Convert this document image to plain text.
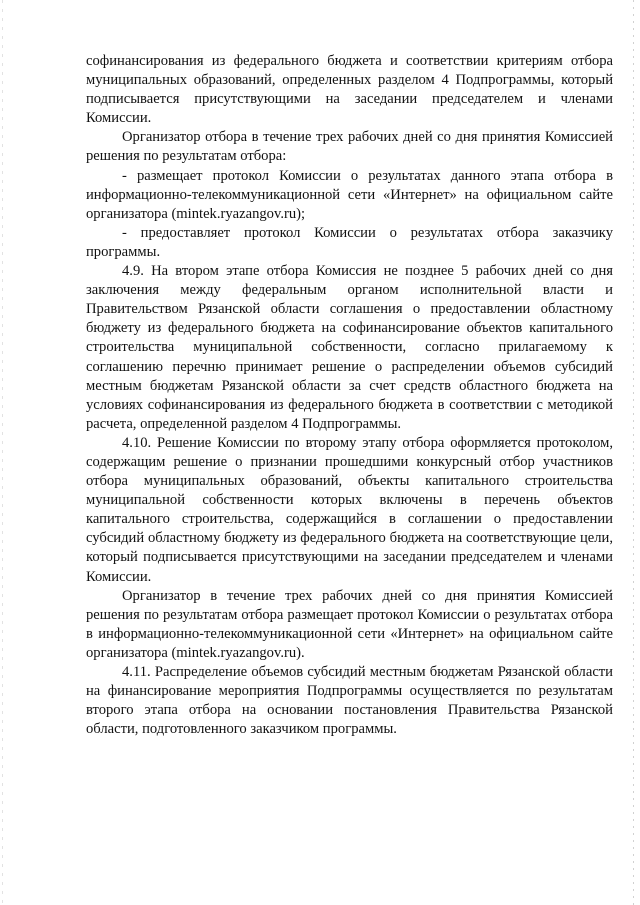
софинансирования из федерального бюджета и соответствии критериям отбора муниципальных образований, определенных разделом 4 Подпрограммы, который подписывается присутствующими на заседании председателем и членами Комиссии.

Организатор отбора в течение трех рабочих дней со дня принятия Комиссией решения по результатам отбора:

- размещает протокол Комиссии о результатах данного этапа отбора в информационно-телекоммуникационной сети «Интернет» на официальном сайте организатора (mintek.ryazangov.ru);

- предоставляет протокол Комиссии о результатах отбора заказчику программы.

4.9. На втором этапе отбора Комиссия не позднее 5 рабочих дней со дня заключения между федеральным органом исполнительной власти и Правительством Рязанской области соглашения о предоставлении областному бюджету из федерального бюджета на софинансирование объектов капитального строительства муниципальной собственности, согласно прилагаемому к соглашению перечню принимает решение о распределении объемов субсидий местным бюджетам Рязанской области за счет средств областного бюджета на условиях софинансирования из федерального бюджета в соответствии с методикой расчета, определенной разделом 4 Подпрограммы.

4.10. Решение Комиссии по второму этапу отбора оформляется протоколом, содержащим решение о признании прошедшими конкурсный отбор участников отбора муниципальных образований, объекты капитального строительства муниципальной собственности которых включены в перечень объектов капитального строительства, содержащийся в соглашении о предоставлении субсидий областному бюджету из федерального бюджета на соответствующие цели, который подписывается присутствующими на заседании председателем и членами Комиссии.

Организатор в течение трех рабочих дней со дня принятия Комиссией решения по результатам отбора размещает протокол Комиссии о результатах отбора в информационно-телекоммуникационной сети «Интернет» на официальном сайте организатора (mintek.ryazangov.ru).

4.11. Распределение объемов субсидий местным бюджетам Рязанской области на финансирование мероприятия Подпрограммы осуществляется по результатам второго этапа отбора на основании постановления Правительства Рязанской области, подготовленного заказчиком программы.
